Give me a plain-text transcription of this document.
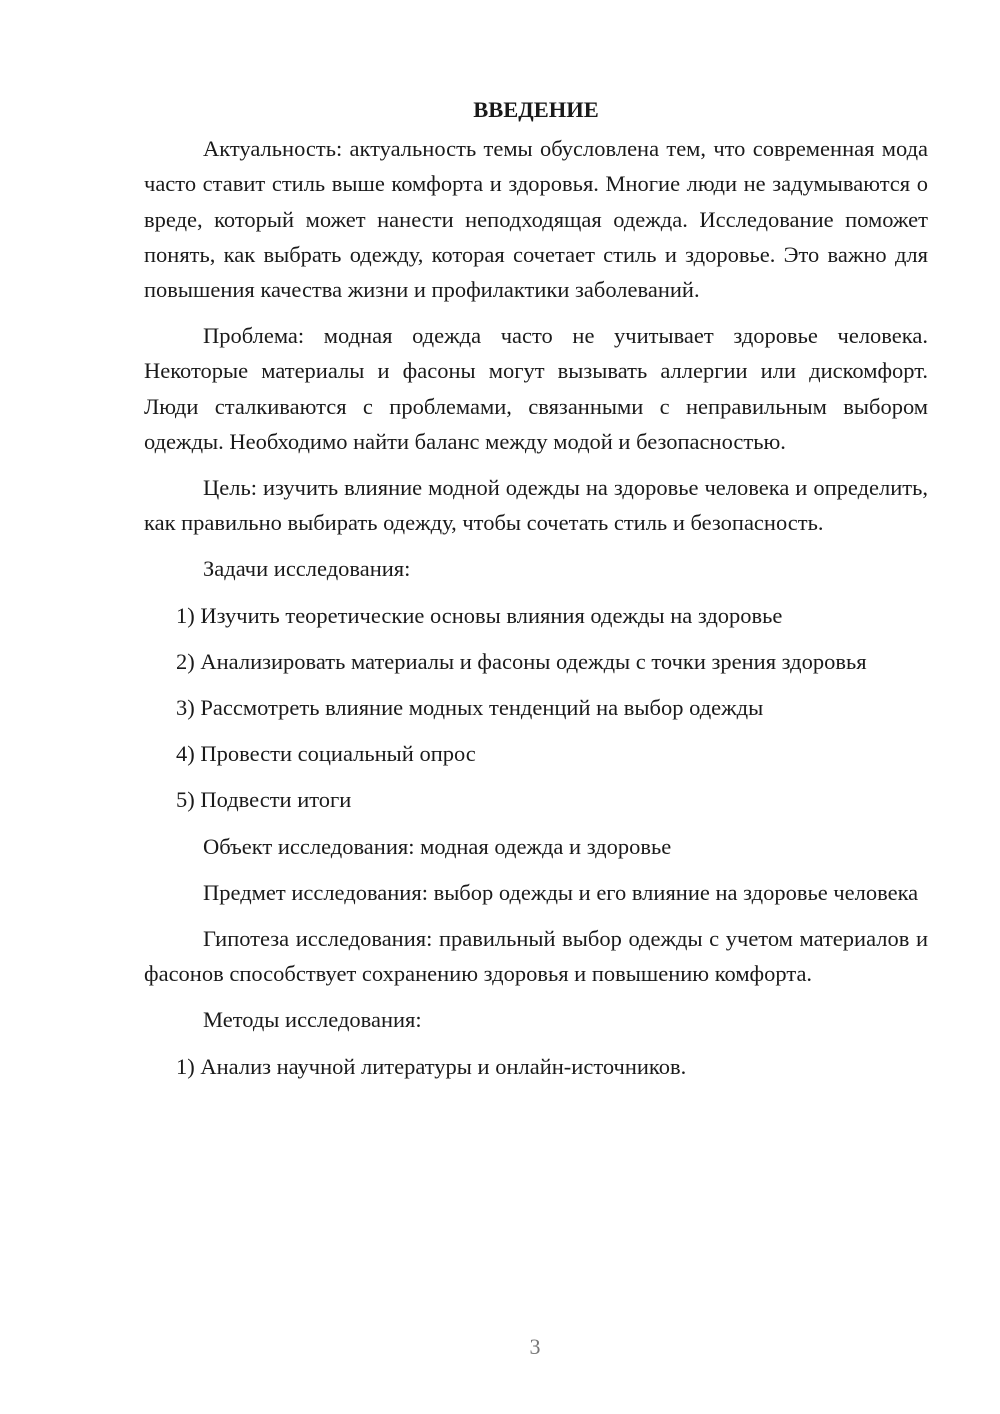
ВВЕДЕНИЕ

Актуальность: актуальность темы обусловлена тем, что современная мода часто ставит стиль выше комфорта и здоровья. Многие люди не задумываются о вреде, который может нанести неподходящая одежда. Исследование поможет понять, как выбрать одежду, которая сочетает стиль и здоровье. Это важно для повышения качества жизни и профилактики заболеваний.

Проблема: модная одежда часто не учитывает здоровье человека. Некоторые материалы и фасоны могут вызывать аллергии или дискомфорт. Люди сталкиваются с проблемами, связанными с неправильным выбором одежды. Необходимо найти баланс между модой и безопасностью.

Цель: изучить влияние модной одежды на здоровье человека и определить, как правильно выбирать одежду, чтобы сочетать стиль и безопасность.

Задачи исследования:

1) Изучить теоретические основы влияния одежды на здоровье

2) Анализировать материалы и фасоны одежды с точки зрения здоровья

3) Рассмотреть влияние модных тенденций на выбор одежды

4) Провести социальный опрос

5) Подвести итоги

Объект исследования: модная одежда и здоровье

Предмет исследования: выбор одежды и его влияние на здоровье человека

Гипотеза исследования: правильный выбор одежды с учетом материалов и фасонов способствует сохранению здоровья и повышению комфорта.

Методы исследования:

1) Анализ научной литературы и онлайн-источников.

3
